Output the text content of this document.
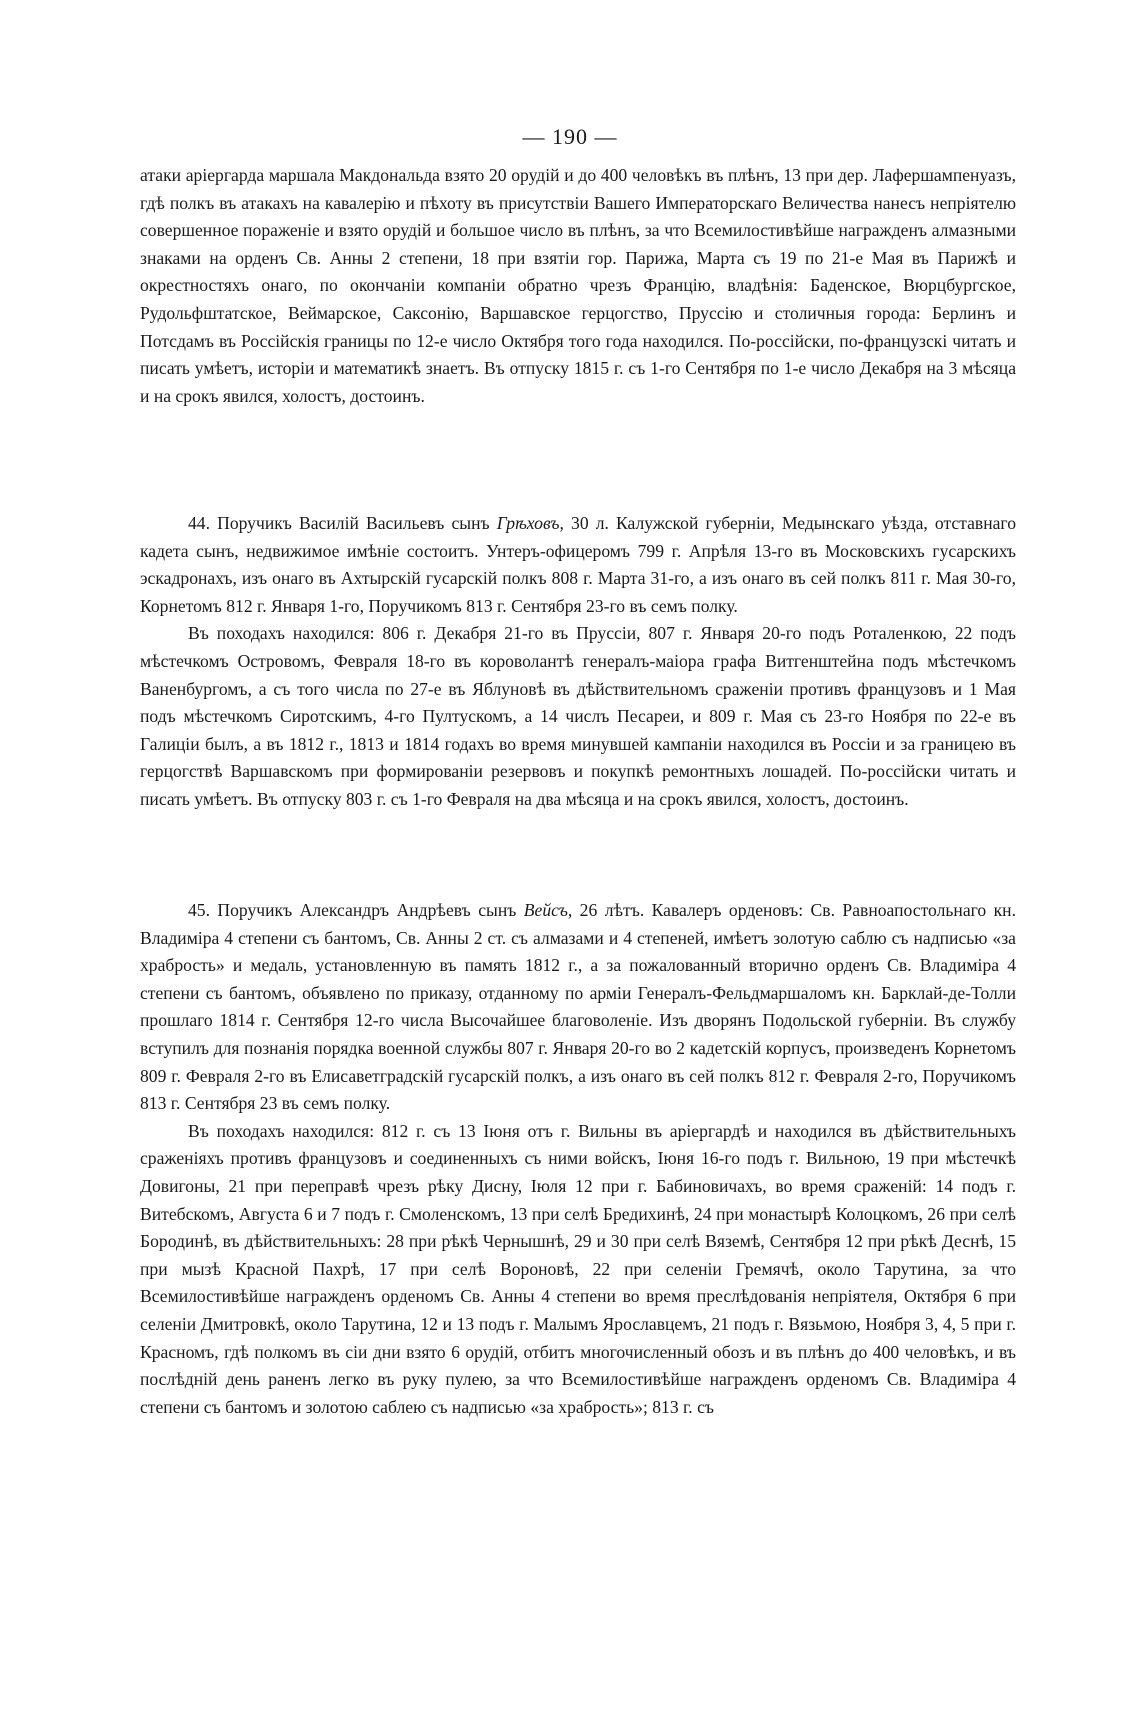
— 190 —

атаки аріергарда маршала Макдональда взято 20 орудій и до 400 человѣкъ въ плѣнъ, 13 при дер. Лафершампенуазъ, гдѣ полкъ въ атакахъ на кавалерію и пѣхоту въ присутствіи Вашего Императорскаго Величества нанесъ непріятелю совершенное пораженіе и взято орудій и большое число въ плѣнъ, за что Всемилостивѣйше награжденъ алмазными знаками на орденъ Св. Анны 2 степени, 18 при взятіи гор. Парижа, Марта съ 19 по 21-е Мая въ Парижѣ и окрестностяхъ онаго, по окончаніи компаніи обратно чрезъ Францію, владѣнія: Баденское, Вюрцбургское, Рудольфштатское, Веймарское, Саксонію, Варшавское герцогство, Пруссію и столичныя города: Берлинъ и Потсдамъ въ Россійскія границы по 12-е число Октября того года находился. По-россійски, по-французскі читать и писать умѣетъ, исторіи и математикѣ знаетъ. Въ отпуску 1815 г. съ 1-го Сентября по 1-е число Декабря на 3 мѣсяца и на срокъ явился, холостъ, достоинъ.

44. Поручикъ Василій Васильевъ сынъ Грѣховъ, 30 л. Калужской губерніи, Медынскаго уѣзда, отставнаго кадета сынъ, недвижимое имѣніе состоитъ. Унтеръ-офицеромъ 799 г. Апрѣля 13-го въ Московскихъ гусарскихъ эскадронахъ, изъ онаго въ Ахтырскій гусарскій полкъ 808 г. Марта 31-го, а изъ онаго въ сей полкъ 811 г. Мая 30-го, Корнетомъ 812 г. Января 1-го, Поручикомъ 813 г. Сентября 23-го въ семъ полку.

Въ походахъ находился: 806 г. Декабря 21-го въ Пруссіи, 807 г. Января 20-го подъ Роталенкою, 22 подъ мѣстечкомъ Островомъ, Февраля 18-го въ короволантѣ генералъ-маіора графа Витгенштейна подъ мѣстечкомъ Ваненбургомъ, а съ того числа по 27-е въ Яблуновѣ въ дѣйствительномъ сраженіи противъ французовъ и 1 Мая подъ мѣстечкомъ Сиротскимъ, 4-го Пултускомъ, а 14 числъ Песареи, и 809 г. Мая съ 23-го Ноября по 22-е въ Галиціи былъ, а въ 1812 г., 1813 и 1814 годахъ во время минувшей кампаніи находился въ Россіи и за границею въ герцогствѣ Варшавскомъ при формированіи резервовъ и покупкѣ ремонтныхъ лошадей. По-россійски читать и писать умѣетъ. Въ отпуску 803 г. съ 1-го Февраля на два мѣсяца и на срокъ явился, холостъ, достоинъ.

45. Поручикъ Александръ Андрѣевъ сынъ Вейсъ, 26 лѣтъ. Кавалеръ орденовъ: Св. Равноапостольнаго кн. Владиміра 4 степени съ бантомъ, Св. Анны 2 ст. съ алмазами и 4 степеней, имѣетъ золотую саблю съ надписью «за храбрость» и медаль, установленную въ память 1812 г., а за пожалованный вторично орденъ Св. Владиміра 4 степени съ бантомъ, объявлено по приказу, отданному по арміи Генералъ-Фельдмаршаломъ кн. Барклай-де-Толли прошлаго 1814 г. Сентября 12-го числа Высочайшее благоволеніе. Изъ дворянъ Подольской губерніи. Въ службу вступилъ для познанія порядка военной службы 807 г. Января 20-го во 2 кадетскій корпусъ, произведенъ Корнетомъ 809 г. Февраля 2-го въ Елисаветградскій гусарскій полкъ, а изъ онаго въ сей полкъ 812 г. Февраля 2-го, Поручикомъ 813 г. Сентября 23 въ семъ полку.

Въ походахъ находился: 812 г. съ 13 Іюня отъ г. Вильны въ аріергардѣ и находился въ дѣйствительныхъ сраженіяхъ противъ французовъ и соединенныхъ съ ними войскъ, Іюня 16-го подъ г. Вильною, 19 при мѣстечкѣ Довигоны, 21 при переправѣ чрезъ рѣку Дисну, Іюля 12 при г. Бабиновичахъ, во время сраженій: 14 подъ г. Витебскомъ, Августа 6 и 7 подъ г. Смоленскомъ, 13 при селѣ Бредихинѣ, 24 при монастырѣ Колоцкомъ, 26 при селѣ Бородинѣ, въ дѣйствительныхъ: 28 при рѣкѣ Чернышнѣ, 29 и 30 при селѣ Вяземѣ, Сентября 12 при рѣкѣ Деснѣ, 15 при мызѣ Красной Пахрѣ, 17 при селѣ Вороновѣ, 22 при селеніи Гремячѣ, около Тарутина, за что Всемилостивѣйше награжденъ орденомъ Св. Анны 4 степени во время преслѣдованія непріятеля, Октября 6 при селеніи Дмитровкѣ, около Тарутина, 12 и 13 подъ г. Малымъ Ярославцемъ, 21 подъ г. Вязьмою, Ноября 3, 4, 5 при г. Красномъ, гдѣ полкомъ въ сіи дни взято 6 орудій, отбитъ многочисленный обозъ и въ плѣнъ до 400 человѣкъ, и въ послѣдній день раненъ легко въ руку пулею, за что Всемилостивѣйше награжденъ орденомъ Св. Владиміра 4 степени съ бантомъ и золотою саблею съ надписью «за храбрость»; 813 г. съ
